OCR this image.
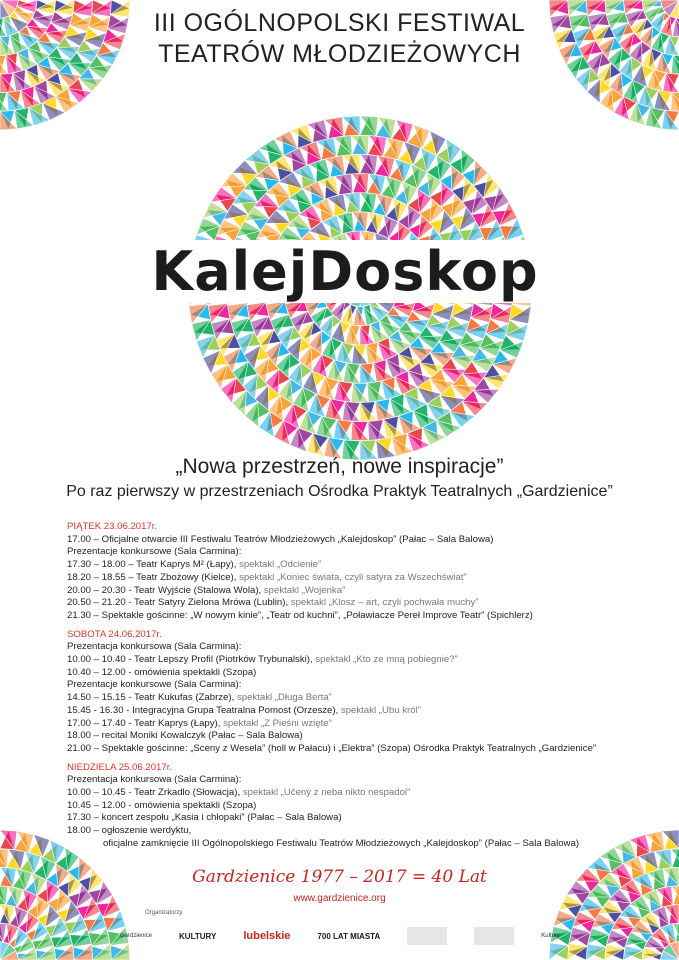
III OGÓLNOPOLSKI FESTIWAL
TEATRÓW MŁODZIEŻOWYCH
KalejDoskop
„Nowa przestrzeń, nowe inspiracje”
Po raz pierwszy w przestrzeniach Ośrodka Praktyk Teatralnych „Gardzienice”
PIĄTEK 23.06.2017r.
17.00 – Oficjalne otwarcie III Festiwalu Teatrów Młodzieżowych „Kalejdoskop” (Pałac – Sala Balowa)
Prezentacje konkursowe (Sala Carmina):
17.30 – 18.00 – Teatr Kaprys M² (Łapy), spektakl „Odcienie”
18.20 – 18.55 – Teatr Zbożowy (Kielce), spektakl „Koniec świata, czyli satyra za Wszechświat”
20.00 – 20.30 - Teatr Wyjście (Stalowa Wola), spektakl „Wojenka”
20.50 – 21.20 - Teatr Satyry Zielona Mrówa (Lublin), spektakl „Klosz – art, czyli pochwała muchy”
21.30 – Spektakle gościnne: „W nowym kinie”, „Teatr od kuchni”, „Poławiacze Pereł Improve Teatr” (Spichlerz)
SOBOTA 24.06.2017r.
Prezentacja konkursowa (Sala Carmina):
10.00 – 10.40 - Teatr Lepszy Profil (Piotrków Trybunalski), spektakl „Kto ze mną pobiegnie?”
10.40 – 12.00 - omówienia spektakli (Szopa)
Prezentacje konkursowe (Sala Carmina):
14.50 – 15.15 - Teatr Kukufas (Zabrze), spektakl „Długa Berta”
15.45 - 16.30 - Integracyjna Grupa Teatralna Pomost (Orzesze), spektakl „Ubu król”
17.00 – 17.40 - Teatr Kaprys (Łapy), spektakl „Z Pieśni wzięte”
18.00 – recital Moniki Kowalczyk (Pałac – Sala Balowa)
21.00 – Spektakle gościnne: „Sceny z Wesela” (holl w Pałacu) i „Elektra” (Szopa) Ośrodka Praktyk Teatralnych „Gardzienice”
NIEDZIELA 25.06.2017r.
Prezentacja konkursowa (Sala Carmina):
10.00 – 10.45 - Teatr Zrkadlo (Słowacja), spektakl „Učený z neba nikto nespadol”
10.45 – 12.00 - omówienia spektakli (Szopa)
17.30 – koncert zespołu „Kasia i chłopaki” (Pałac – Sala Balowa)
18.00 – ogłoszenie werdyktu,
oficjalne zamknięcie III Ogólnopolskiego Festiwalu Teatrów Młodzieżowych „Kalejdoskop” (Pałac – Sala Balowa)
Gardzienice 1977 – 2017 = 40 Lat
www.gardzienice.org
Organizatorzy
Gardzienice	KULTURY lubelskie	700 LAT MIASTA	Kultury
